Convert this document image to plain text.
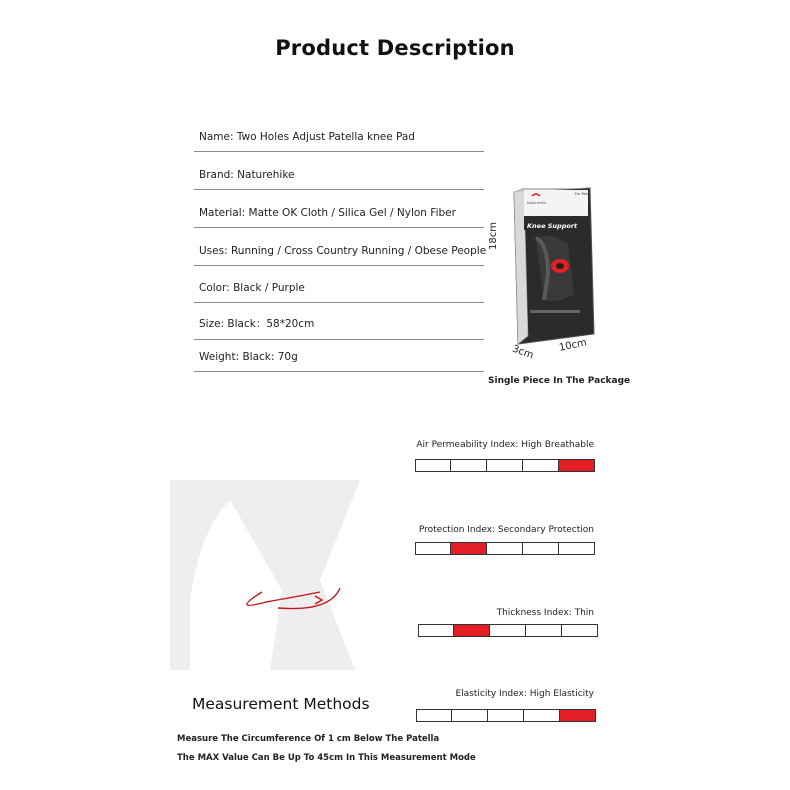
Product Description
Name: Two Holes Adjust Patella knee Pad
Brand: Naturehike
Material: Matte OK Cloth / Silica Gel / Nylon Fiber
Uses: Running / Cross Country Running / Obese People
Color: Black / Purple
Size: Black：58*20cm
Weight: Black: 70g
Knee Support
For Men
Naturehike
18cm
10cm
3cm
Single Piece In The Package
Air Permeability Index: High Breathable
Protection Index: Secondary Protection
Thickness Index: Thin
Elasticity Index: High Elasticity
Measurement Methods
Measure The Circumference Of 1 cm Below The Patella
The MAX Value Can Be Up To 45cm In This Measurement Mode
